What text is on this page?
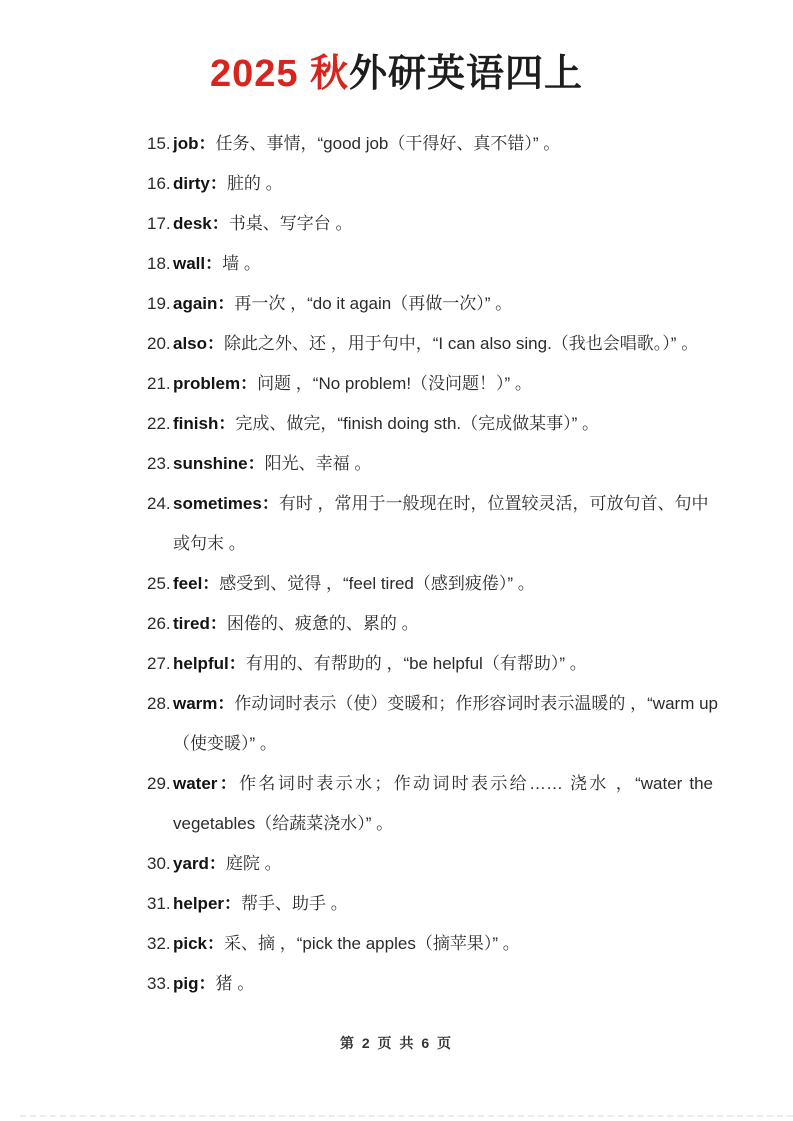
2025 秋外研英语四上
15. job：任务、事情，“good job（干得好、真不错）” 。
16. dirty：脏的 。
17. desk：书桌、写字台 。
18. wall：墙 。
19. again：再一次 ，“do it again（再做一次）” 。
20. also：除此之外、还 ，用于句中，“I can also sing.（我也会唱歌。）” 。
21. problem：问题 ，“No problem!（没问题！）” 。
22. finish：完成、做完，“finish doing sth.（完成做某事）” 。
23. sunshine：阳光、幸福 。
24. sometimes：有时 ，常用于一般现在时，位置较灵活，可放句首、句中
或句末 。
25. feel：感受到、觉得 ，“feel tired（感到疲倦）” 。
26. tired：困倦的、疲惫的、累的 。
27. helpful：有用的、有帮助的 ，“be helpful（有帮助）” 。
28. warm：作动词时表示（使）变暖和；作形容词时表示温暖的 ，“warm up
（使变暖）” 。
29. water：作名词时表示水；作动词时表示给…… 浇水 ，“water the
vegetables（给蔬菜浇水）” 。
30. yard：庭院 。
31. helper：帮手、助手 。
32. pick：采、摘 ，“pick the apples（摘苹果）” 。
33. pig：猪 。
第 2 页 共 6 页
